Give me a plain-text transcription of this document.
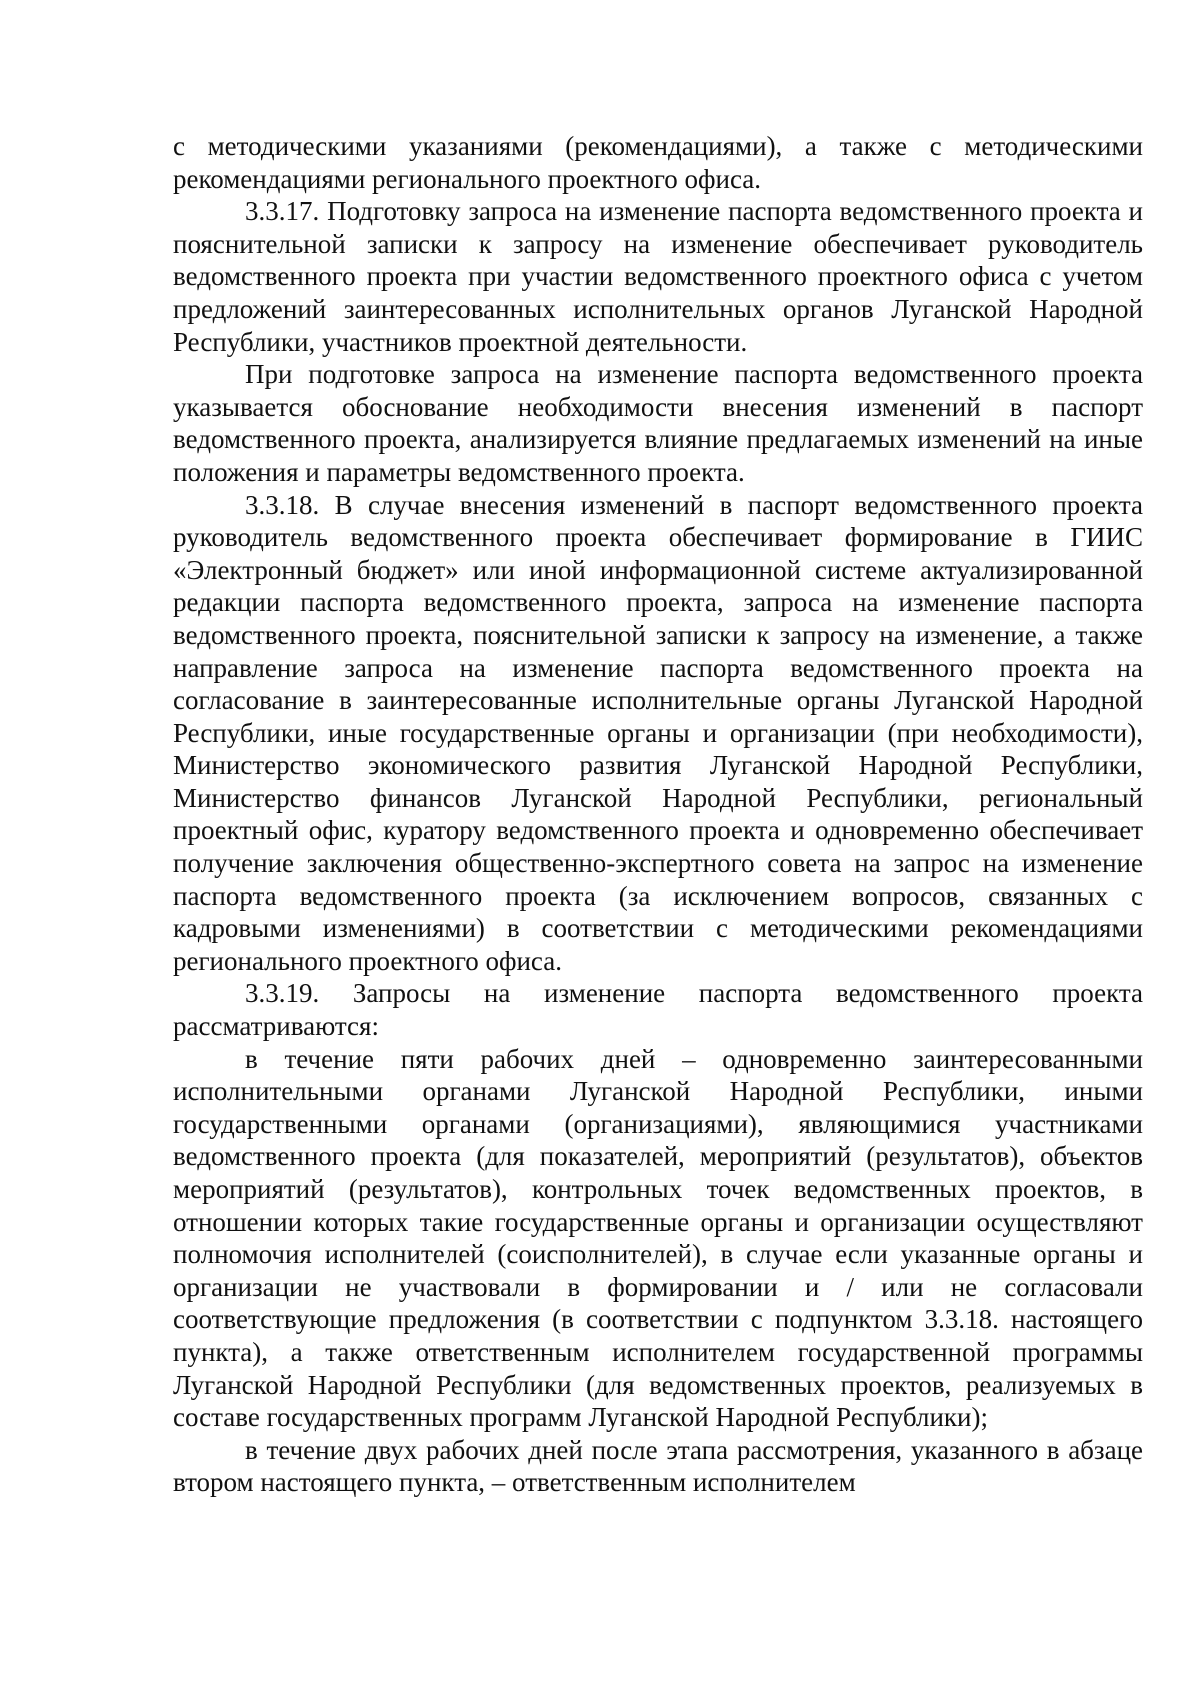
с методическими указаниями (рекомендациями), а также с методическими рекомендациями регионального проектного офиса.

3.3.17. Подготовку запроса на изменение паспорта ведомственного проекта и пояснительной записки к запросу на изменение обеспечивает руководитель ведомственного проекта при участии ведомственного проектного офиса с учетом предложений заинтересованных исполнительных органов Луганской Народной Республики, участников проектной деятельности.

При подготовке запроса на изменение паспорта ведомственного проекта указывается обоснование необходимости внесения изменений в паспорт ведомственного проекта, анализируется влияние предлагаемых изменений на иные положения и параметры ведомственного проекта.

3.3.18. В случае внесения изменений в паспорт ведомственного проекта руководитель ведомственного проекта обеспечивает формирование в ГИИС «Электронный бюджет» или иной информационной системе актуализированной редакции паспорта ведомственного проекта, запроса на изменение паспорта ведомственного проекта, пояснительной записки к запросу на изменение, а также направление запроса на изменение паспорта ведомственного проекта на согласование в заинтересованные исполнительные органы Луганской Народной Республики, иные государственные органы и организации (при необходимости), Министерство экономического развития Луганской Народной Республики, Министерство финансов Луганской Народной Республики, региональный проектный офис, куратору ведомственного проекта и одновременно обеспечивает получение заключения общественно-экспертного совета на запрос на изменение паспорта ведомственного проекта (за исключением вопросов, связанных с кадровыми изменениями) в соответствии с методическими рекомендациями регионального проектного офиса.

3.3.19. Запросы на изменение паспорта ведомственного проекта рассматриваются:

в течение пяти рабочих дней – одновременно заинтересованными исполнительными органами Луганской Народной Республики, иными государственными органами (организациями), являющимися участниками ведомственного проекта (для показателей, мероприятий (результатов), объектов мероприятий (результатов), контрольных точек ведомственных проектов, в отношении которых такие государственные органы и организации осуществляют полномочия исполнителей (соисполнителей), в случае если указанные органы и организации не участвовали в формировании и / или не согласовали соответствующие предложения (в соответствии с подпунктом 3.3.18. настоящего пункта), а также ответственным исполнителем государственной программы Луганской Народной Республики (для ведомственных проектов, реализуемых в составе государственных программ Луганской Народной Республики);

в течение двух рабочих дней после этапа рассмотрения, указанного в абзаце втором настоящего пункта, – ответственным исполнителем
